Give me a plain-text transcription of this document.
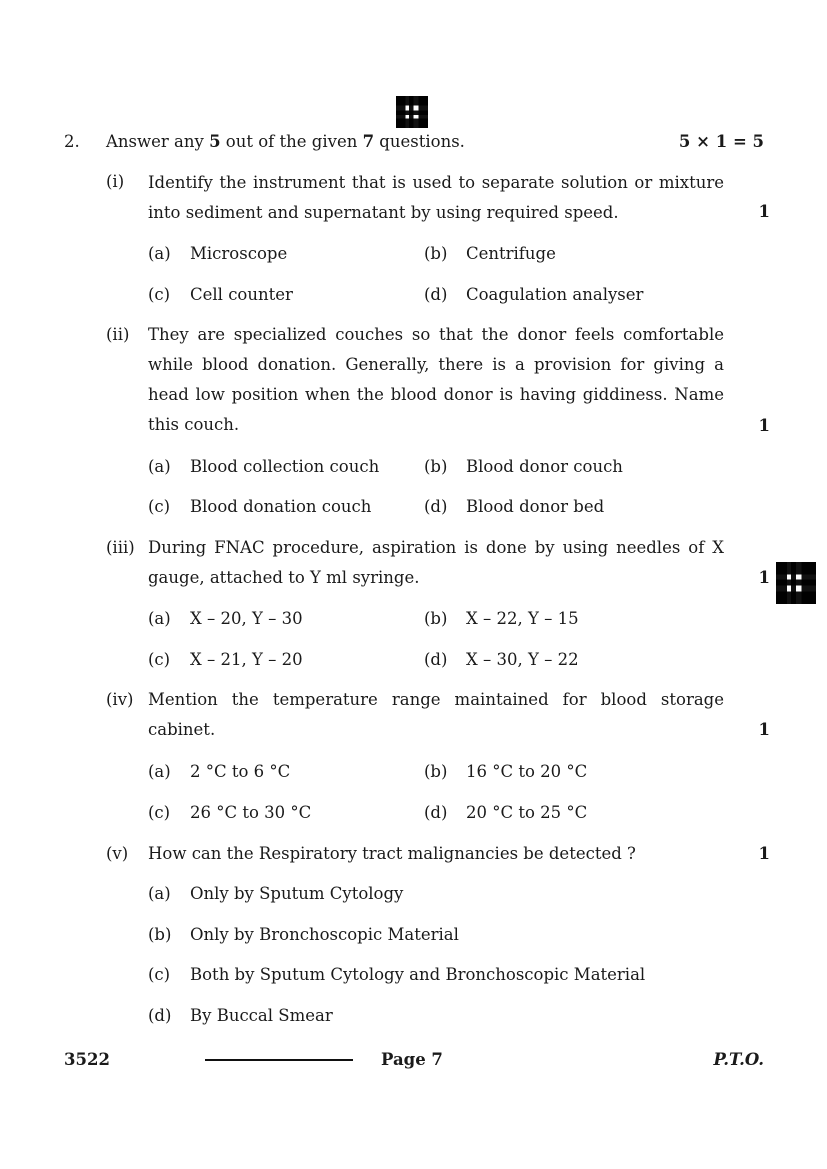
2. Answer any 5 out of the given 7 questions.	5 × 1 = 5
(i) Identify the instrument that is used to separate solution or mixture into sediment and supernatant by using required speed.	1
(a) Microscope	(b) Centrifuge
(c) Cell counter	(d) Coagulation analyser
(ii) They are specialized couches so that the donor feels comfortable while blood donation. Generally, there is a provision for giving a head low position when the blood donor is having giddiness. Name this couch.	1
(a) Blood collection couch	(b) Blood donor couch
(c) Blood donation couch	(d) Blood donor bed
(iii) During FNAC procedure, aspiration is done by using needles of X gauge, attached to Y ml syringe.	1
(a) X – 20, Y – 30	(b) X – 22, Y – 15
(c) X – 21, Y – 20	(d) X – 30, Y – 22
(iv) Mention the temperature range maintained for blood storage cabinet.	1
(a) 2 °C to 6 °C	(b) 16 °C to 20 °C
(c) 26 °C to 30 °C	(d) 20 °C to 25 °C
(v) How can the Respiratory tract malignancies be detected ?	1
(a) Only by Sputum Cytology
(b) Only by Bronchoscopic Material
(c) Both by Sputum Cytology and Bronchoscopic Material
(d) By Buccal Smear
3522	Page 7	P.T.O.
